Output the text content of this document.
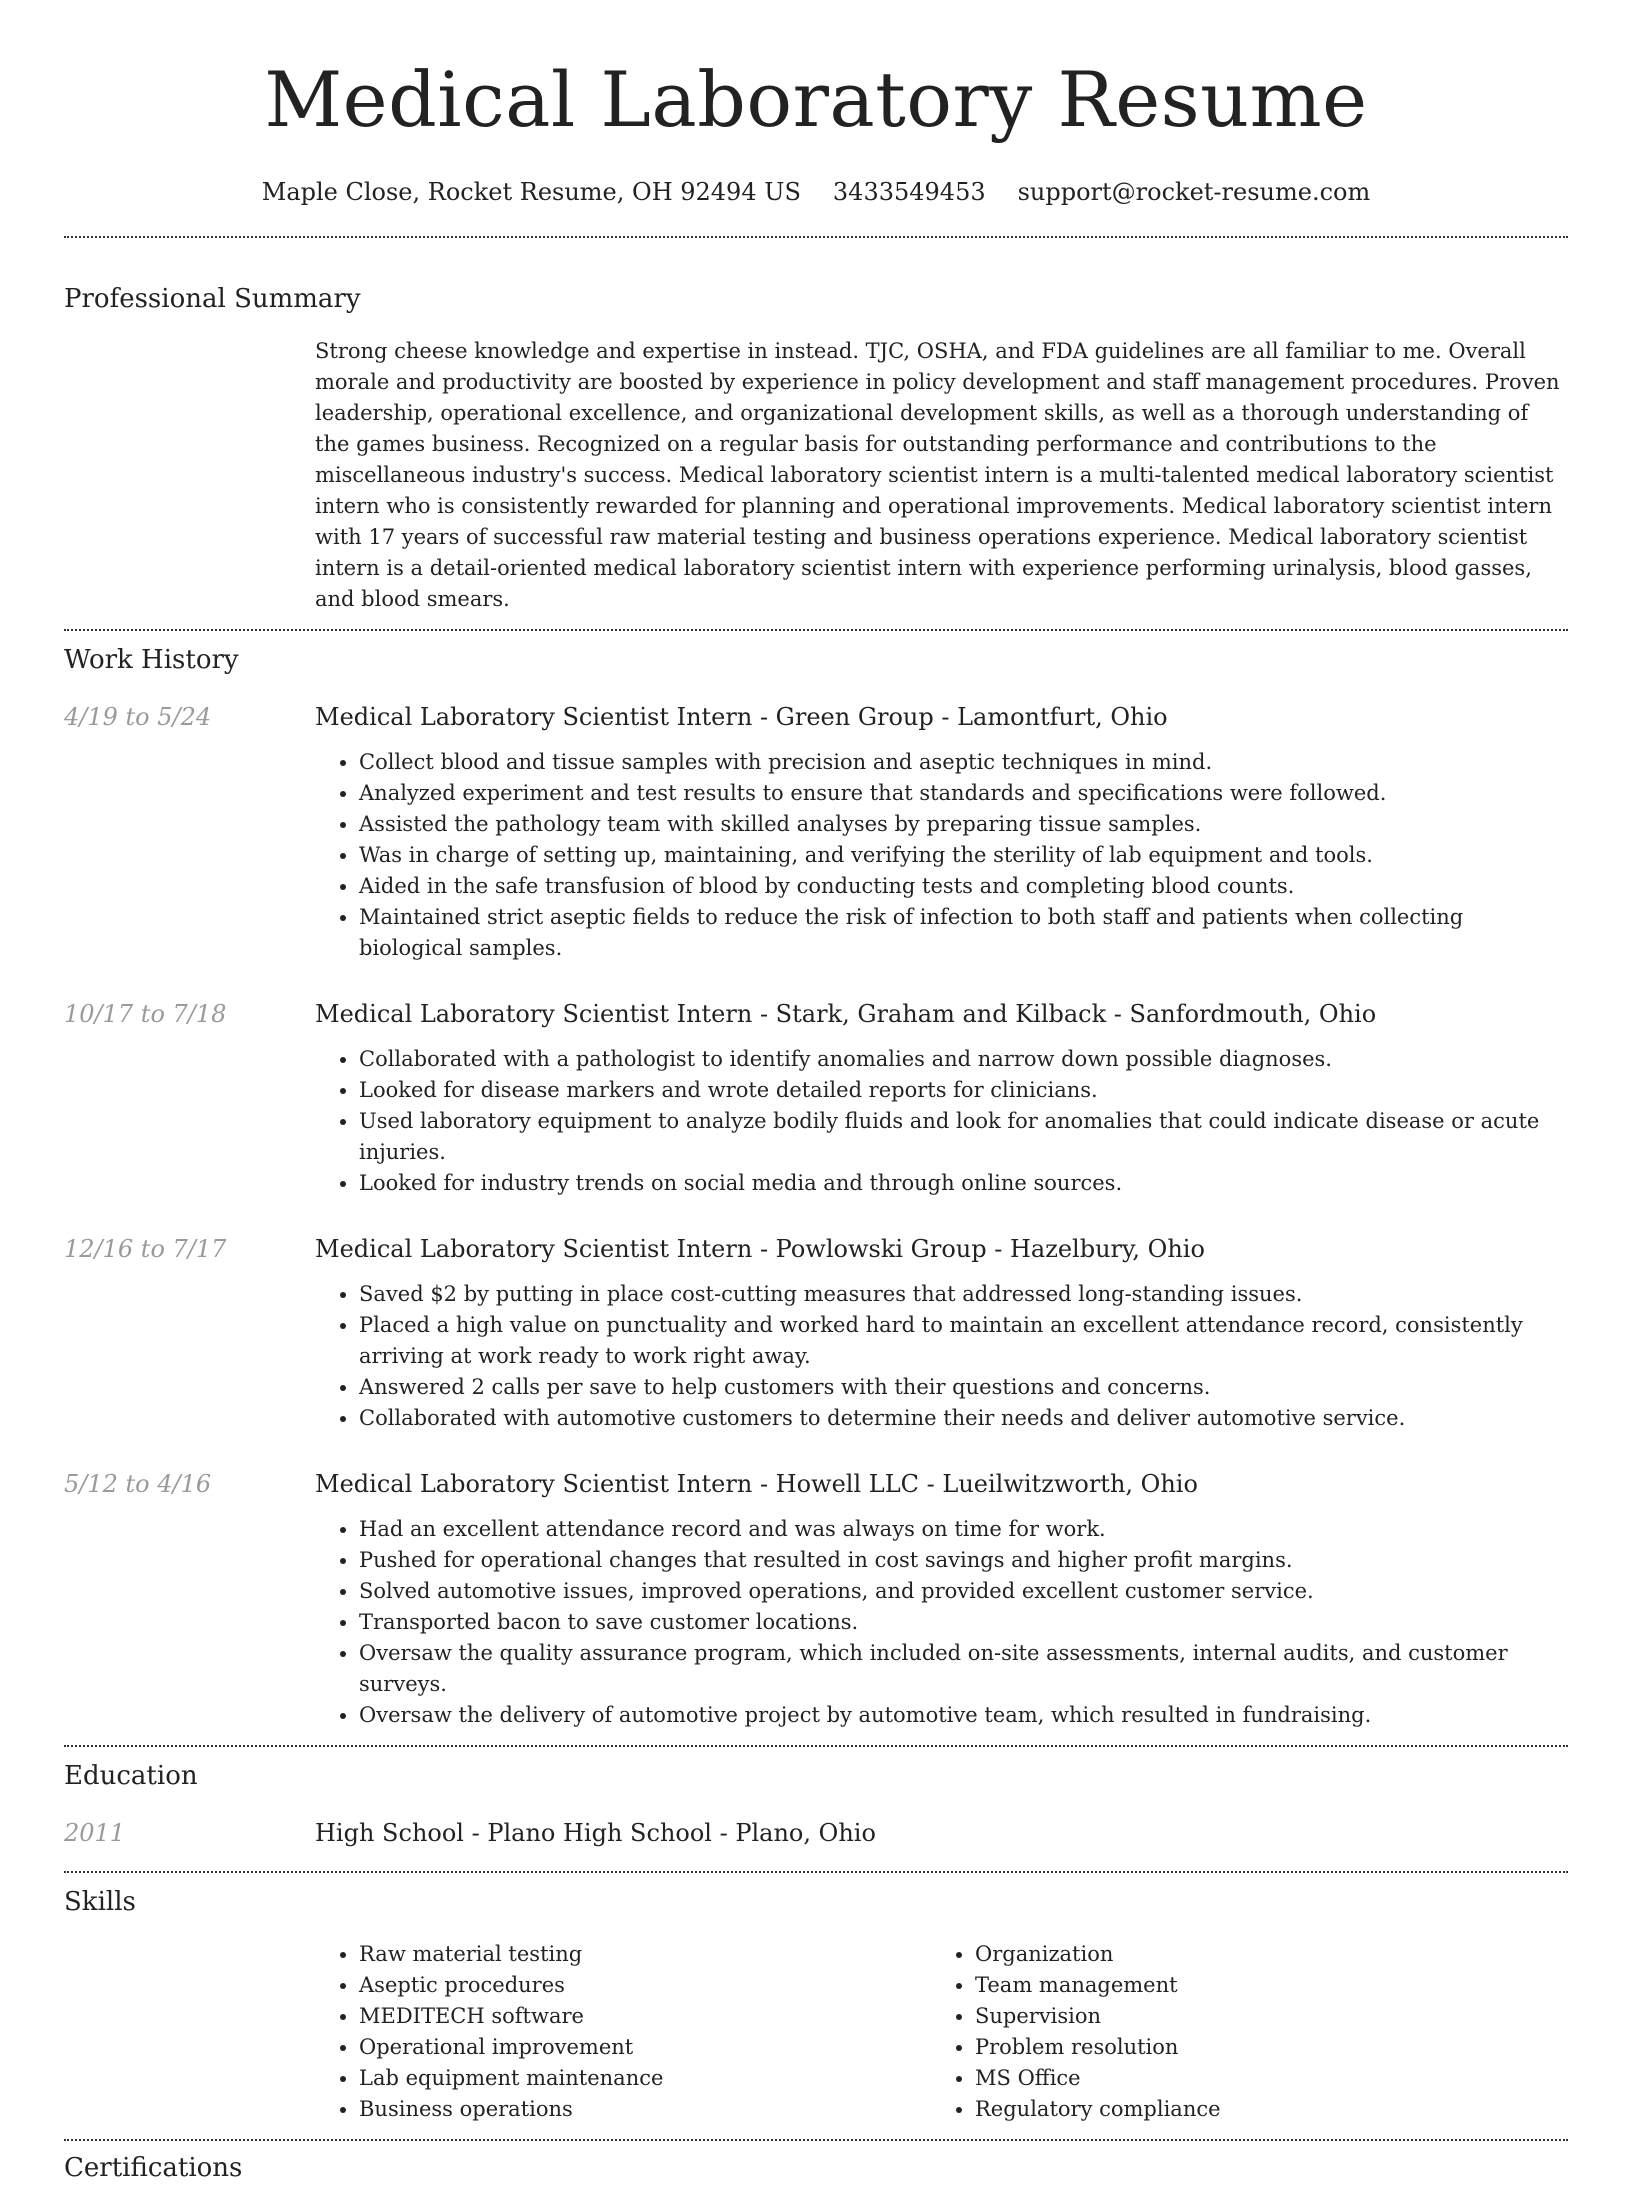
Medical Laboratory Resume
Maple Close, Rocket Resume, OH 92494 US 3433549453 support@rocket-resume.com
Professional Summary

Strong cheese knowledge and expertise in instead. TJC, OSHA, and FDA guidelines are all familiar to me. Overall morale and productivity are boosted by experience in policy development and staff management procedures. Proven leadership, operational excellence, and organizational development skills, as well as a thorough understanding of the games business. Recognized on a regular basis for outstanding performance and contributions to the miscellaneous industry's success. Medical laboratory scientist intern is a multi-talented medical laboratory scientist intern who is consistently rewarded for planning and operational improvements. Medical laboratory scientist intern with 17 years of successful raw material testing and business operations experience. Medical laboratory scientist intern is a detail-oriented medical laboratory scientist intern with experience performing urinalysis, blood gasses, and blood smears.

Work History
4/19 to 5/24	Medical Laboratory Scientist Intern - Green Group - Lamontfurt, Ohio
• Collect blood and tissue samples with precision and aseptic techniques in mind.
• Analyzed experiment and test results to ensure that standards and specifications were followed.
• Assisted the pathology team with skilled analyses by preparing tissue samples.
• Was in charge of setting up, maintaining, and verifying the sterility of lab equipment and tools.
• Aided in the safe transfusion of blood by conducting tests and completing blood counts.
• Maintained strict aseptic fields to reduce the risk of infection to both staff and patients when collecting biological samples.
10/17 to 7/18	Medical Laboratory Scientist Intern - Stark, Graham and Kilback - Sanfordmouth, Ohio
• Collaborated with a pathologist to identify anomalies and narrow down possible diagnoses.
• Looked for disease markers and wrote detailed reports for clinicians.
• Used laboratory equipment to analyze bodily fluids and look for anomalies that could indicate disease or acute injuries.
• Looked for industry trends on social media and through online sources.
12/16 to 7/17	Medical Laboratory Scientist Intern - Powlowski Group - Hazelbury, Ohio
• Saved $2 by putting in place cost-cutting measures that addressed long-standing issues.
• Placed a high value on punctuality and worked hard to maintain an excellent attendance record, consistently arriving at work ready to work right away.
• Answered 2 calls per save to help customers with their questions and concerns.
• Collaborated with automotive customers to determine their needs and deliver automotive service.
5/12 to 4/16	Medical Laboratory Scientist Intern - Howell LLC - Lueilwitzworth, Ohio
• Had an excellent attendance record and was always on time for work.
• Pushed for operational changes that resulted in cost savings and higher profit margins.
• Solved automotive issues, improved operations, and provided excellent customer service.
• Transported bacon to save customer locations.
• Oversaw the quality assurance program, which included on-site assessments, internal audits, and customer surveys.
• Oversaw the delivery of automotive project by automotive team, which resulted in fundraising.
Education
2011	High School - Plano High School - Plano, Ohio
Skills
• Raw material testing
• Aseptic procedures
• MEDITECH software
• Operational improvement
• Lab equipment maintenance
• Business operations
• Organization
• Team management
• Supervision
• Problem resolution
• MS Office
• Regulatory compliance
Certifications
